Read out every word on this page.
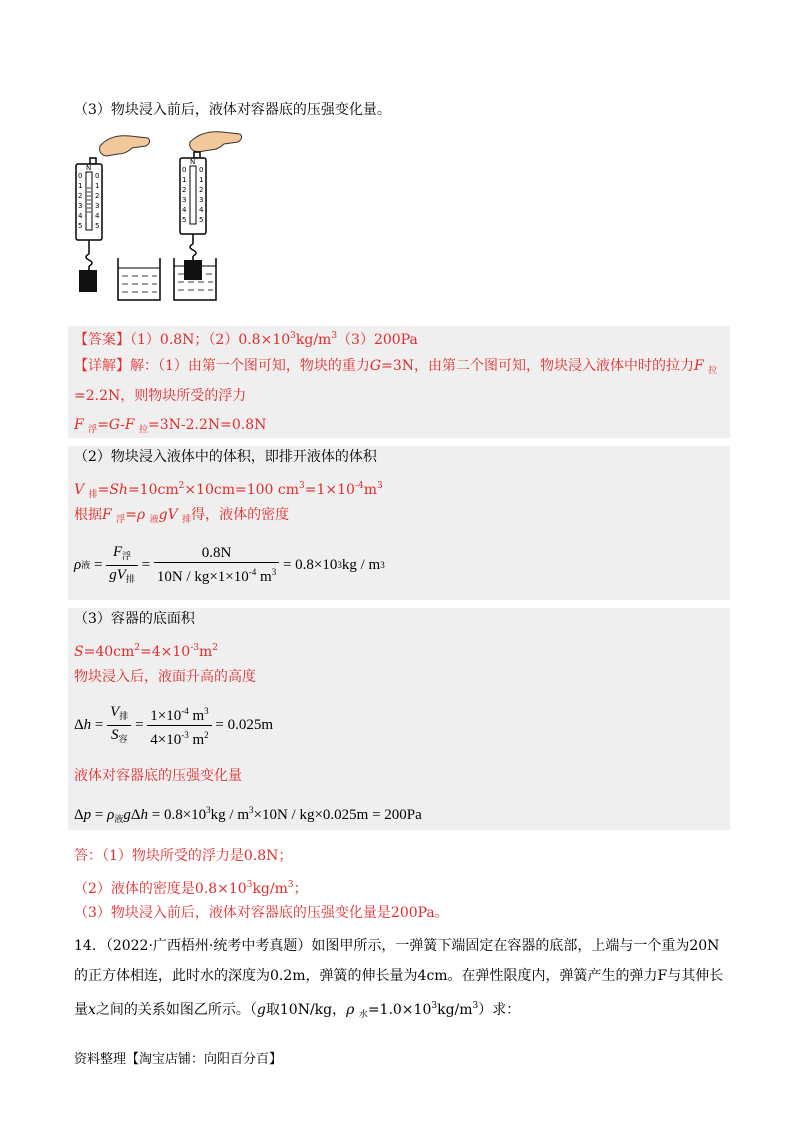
（3）物块浸入前后，液体对容器底的压强变化量。
N
0
1
2
3
4
5
0
1
2
3
4
5
N
0
1
2
3
4
5
0
1
2
3
4
5
【答案】（1）0.8N；$(2)0.8\times 10^3kg/m^3(3)200Pa$
【详解】解：（1）由第一个图可知，物块的重力G=3N，由第二个图可知，物块浸入液体中时的拉力F $_拉$
=2.2N，则物块所受的浮力
F $_浮$=G-F $_拉$=3N-2.2N=0.8N
（2）物块浸入液体中的体积，即排开液体的体积
V $_排=Sh=10cm^2\times 10cm=100$ $cm^3=1\times 10^{-4}m^3$
根据F $_浮$=ρ $_液$gV $_排$得，液体的密度
ρ 液 = $\frac{F_浮}{gV_排} = \frac{0.8N}{10N / kg\times 1\times 10^{-4} m^3} = 0.8\times 10$ 3 kg / m 3
（3）容器的底面积
$S=40cm^2=4\times 10^{-3}m^2$
物块浸入后，液面升高的高度
Δ $h = \frac{V_排}{S_容} = \frac{1\times 10^{-4} m^3}{4\times 10^{-3} m^2} = 0.025m$
液体对容器底的压强变化量
$\Delta p = \rho_液g\Delta h = 0.8\times 10^3kg / m^3\times 10N / kg\times 0.025m = 200Pa$
答：（1）物块所受的浮力是0.8N；
（2）液体的密度是$0.8\times 10^3kg/m^3$；
（3）物块浸入前后，液体对容器底的压强变化量是200Pa。
14．（2022·广西梧州·统考中考真题）如图甲所示，一弹簧下端固定在容器的底部，上端与一个重为20N
的正方体相连，此时水的深度为0.2m，弹簧的伸长量为4cm。在弹性限度内，弹簧产生的弹力F与其伸长
量x之间的关系如图乙所示。（g取10N/kg，ρ $_水=1.0\times 10^3kg/m^3$）求：
资料整理【淘宝店铺：向阳百分百】
